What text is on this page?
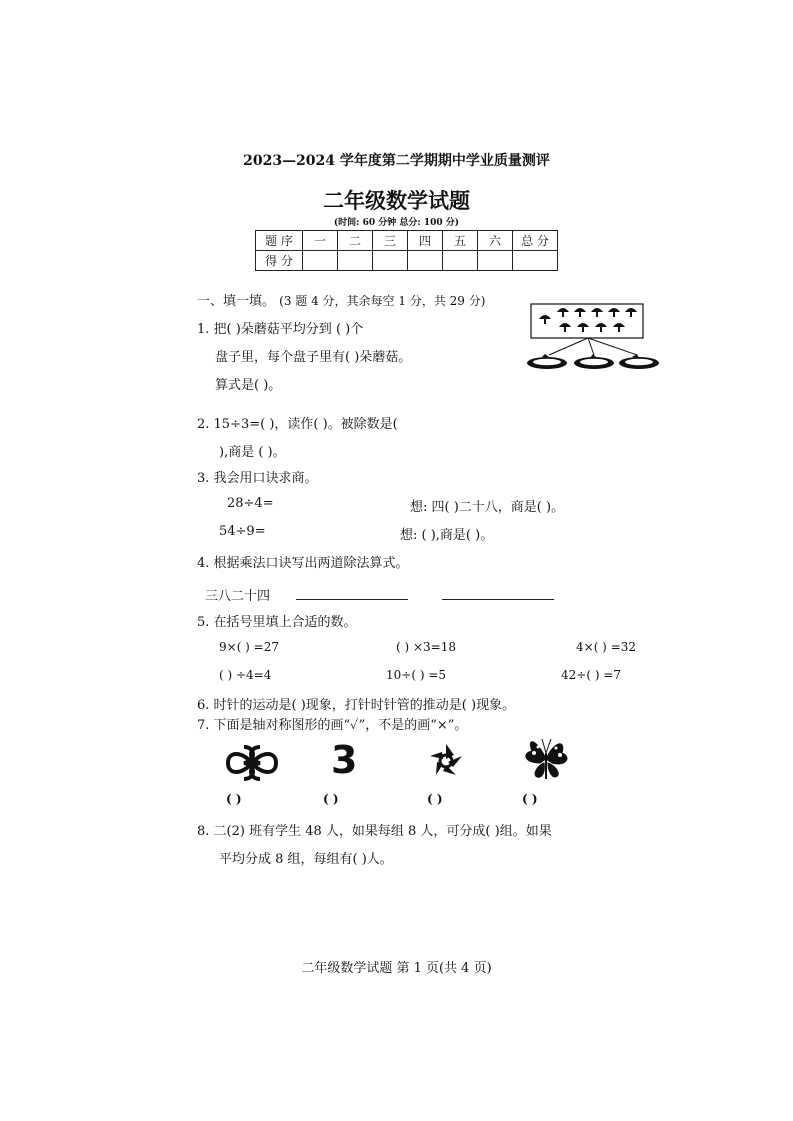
2023—2024 学年度第二学期期中学业质量测评
二年级数学试题
(时间: 60 分钟 总分: 100 分)
题 序	一	二	三	四	五	六	总 分
得 分							
一、填一填。 (3 题 4 分，其余每空 1 分，共 29 分)
1. 把( )朵蘑菇平均分到 ( )个
盘子里，每个盘子里有( )朵蘑菇。
算式是( )。
2. 15÷3=( )，读作( )。被除数是(
),商是 ( )。
3. 我会用口诀求商。
28÷4=	想: 四( )二十八，商是( )。
54÷9=	想: ( ),商是( )。
4. 根据乘法口诀写出两道除法算式。
三八二十四
5. 在括号里填上合适的数。
9×( ) =27	( ) ×3=18	4×( ) =32
( ) ÷4=4	10÷( ) =5	42÷( ) =7
6. 时针的运动是( )现象，打针时针管的推动是( )现象。
7. 下面是轴对称图形的画“✓”，不是的画“×”。
3
( )	( )	( )	( )
8. 二(2) 班有学生 48 人，如果每组 8 人，可分成( )组。如果
平均分成 8 组，每组有( )人。
二年级数学试题 第 1 页(共 4 页)
